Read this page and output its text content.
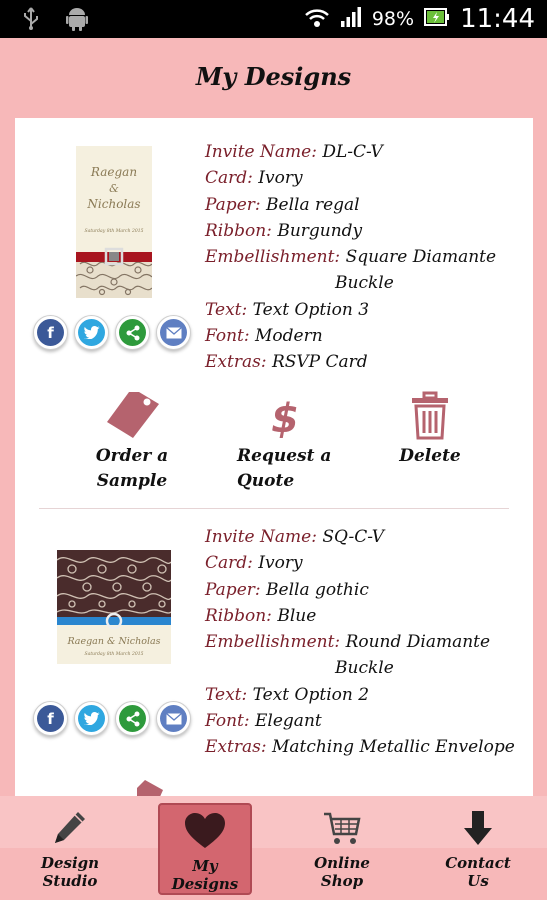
98% 11:44
My Designs
Raegan
&
Nicholas
Saturday 8th March 2015
f
Invite Name: DL-C-V
Card: Ivory
Paper: Bella regal
Ribbon: Burgundy
Embellishment: Square Diamante
Buckle
Text: Text Option 3
Font: Modern
Extras: RSVP Card
Order a
Sample
$
Request a
Quote
Delete
Raegan & Nicholas
Saturday 8th March 2015
f
Invite Name: SQ-C-V
Card: Ivory
Paper: Bella gothic
Ribbon: Blue
Embellishment: Round Diamante
Buckle
Text: Text Option 2
Font: Elegant
Extras: Matching Metallic Envelope
Design
Studio
My
Designs
Online
Shop
Contact
Us
